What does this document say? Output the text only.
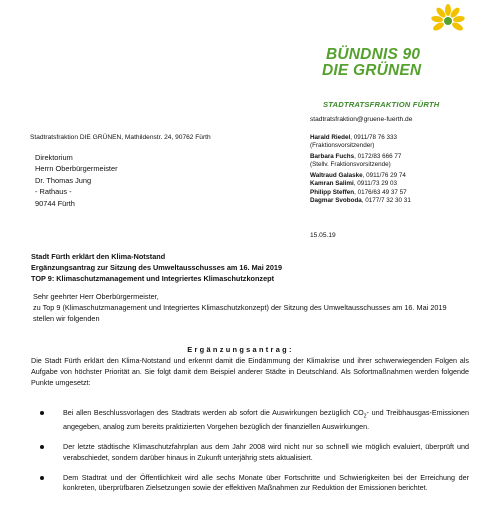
BÜNDNIS 90
DIE GRÜNEN
STADTRATSFRAKTION FÜRTH
stadtratsfraktion@gruene-fuerth.de
Stadtratsfraktion DIE GRÜNEN, Mathildenstr. 24, 90762 Fürth	Harald Riedel, 0911/78 76 333
(Fraktionsvorsitzender)
Barbara Fuchs, 0172/83 666 77
(Stellv. Fraktionsvorsitzende)
Waltraud Galaske, 0911/76 29 74
Kamran Salimi, 0911/73 29 03
Philipp Steffen, 0176/63 49 37 57
Dagmar Svoboda, 0177/7 32 30 31
Direktorium
Herrn Oberbürgermeister
Dr. Thomas Jung
- Rathaus -
90744 Fürth
15.05.19
Stadt Fürth erklärt den Klima-Notstand
Ergänzungsantrag zur Sitzung des Umweltausschusses am 16. Mai 2019
TOP 9: Klimaschutzmanagement und Integriertes Klimaschutzkonzept
Sehr geehrter Herr Oberbürgermeister,
zu Top 9 (Klimaschutzmanagement und Integriertes Klimaschutzkonzept) der Sitzung des Umweltausschusses am 16. Mai 2019 stellen wir folgenden
Ergänzungsantrag:
Die Stadt Fürth erklärt den Klima-Notstand und erkennt damit die Eindämmung der Klimakrise und ihrer schwerwiegenden Folgen als Aufgabe von höchster Priorität an. Sie folgt damit dem Beispiel anderer Städte in Deutschland. Als Sofortmaßnahmen werden folgende Punkte umgesetzt:
Bei allen Beschlussvorlagen des Stadtrats werden ab sofort die Auswirkungen bezüglich $CO_2-$ und Treibhausgas-Emissionen angegeben, analog zum bereits praktizierten Vorgehen bezüglich der finanziellen Auswirkungen.
Der letzte städtische Klimaschutzfahrplan aus dem Jahr 2008 wird nicht nur so schnell wie möglich evaluiert, überprüft und verabschiedet, sondern darüber hinaus in Zukunft unterjährig stets aktualisiert.
Dem Stadtrat und der Öffentlichkeit wird alle sechs Monate über Fortschritte und Schwierigkeiten bei der Erreichung der konkreten, überprüfbaren Zielsetzungen sowie der effektiven Maßnahmen zur Reduktion der Emissionen berichtet.
